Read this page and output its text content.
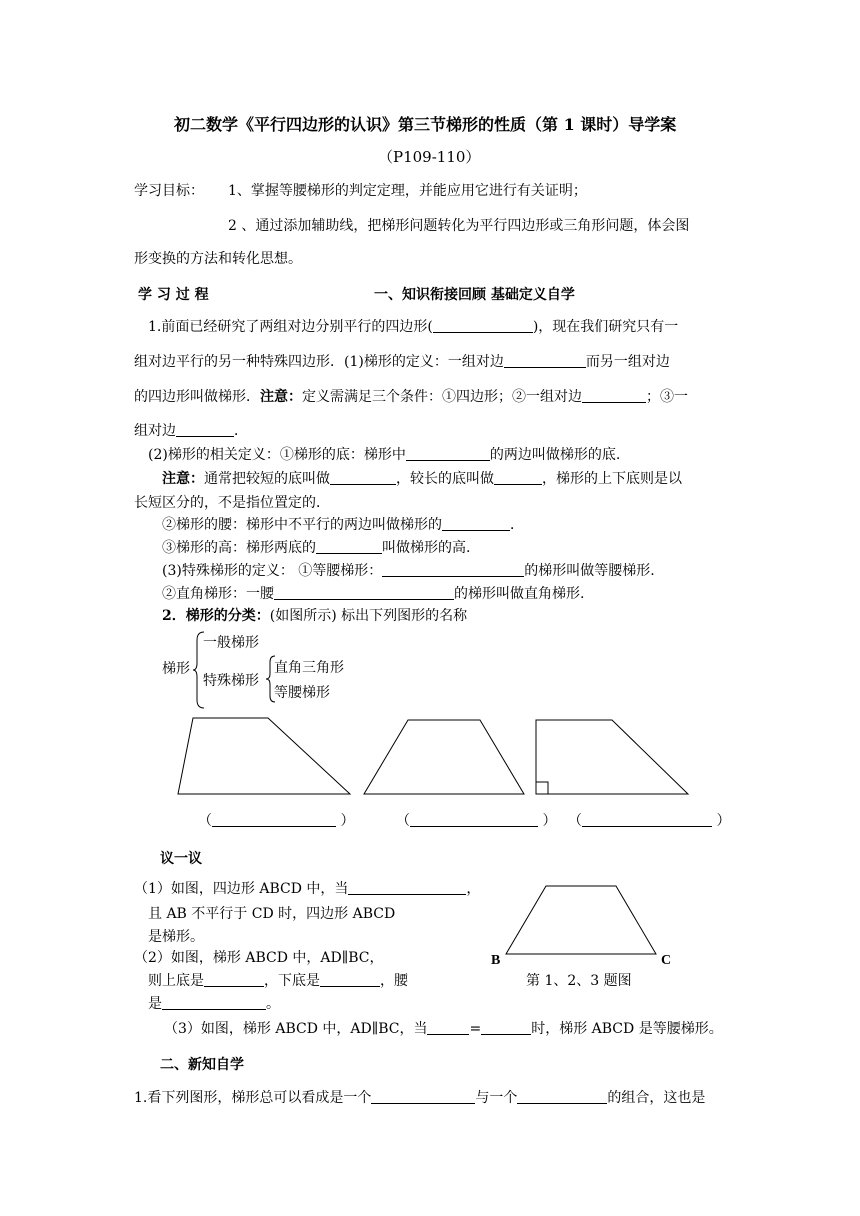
初二数学《平行四边形的认识》第三节梯形的性质（第 1 课时）导学案
（P109-110）
学习目标： 1、掌握等腰梯形的判定定理，并能应用它进行有关证明；
2 、通过添加辅助线，把梯形问题转化为平行四边形或三角形问题，体会图
形变换的方法和转化思想。
学 习 过 程	一、知识衔接回顾 基础定义自学
1.前面已经研究了两组对边分别平行的四边形(	)，现在我们研究只有一
组对边平行的另一种特殊四边形．(1)梯形的定义：一组对边	而另一组对边
的四边形叫做梯形．注意：定义需满足三个条件：①四边形；②一组对边	；③一
组对边	．
(2)梯形的相关定义：①梯形的底：梯形中	的两边叫做梯形的底.
注意：通常把较短的底叫做	，较长的底叫做	，梯形的上下底则是以
长短区分的，不是指位置定的．
②梯形的腰：梯形中不平行的两边叫做梯形的	．
③梯形的高：梯形两底的	叫做梯形的高.
(3)特殊梯形的定义： ①等腰梯形：	的梯形叫做等腰梯形.
②直角梯形：一腰	的梯形叫做直角梯形.
2．梯形的分类：(如图所示) 标出下列图形的名称
梯形
一般梯形
特殊梯形
直角三角形
等腰梯形
（	）	（	） （	）
议一议
（1）如图，四边形 ABCD 中，当	，
且 AB 不平行于 CD 时，四边形 ABCD
是梯形。
（2）如图，梯形 ABCD 中，AD∥BC，
则上底是	，下底是	，腰
是	。
B	C
第 1、2、3 题图
（3）如图，梯形 ABCD 中，AD∥BC，当	=	时，梯形 ABCD 是等腰梯形。
二、新知自学
1.看下列图形，梯形总可以看成是一个	与一个	的组合，这也是
